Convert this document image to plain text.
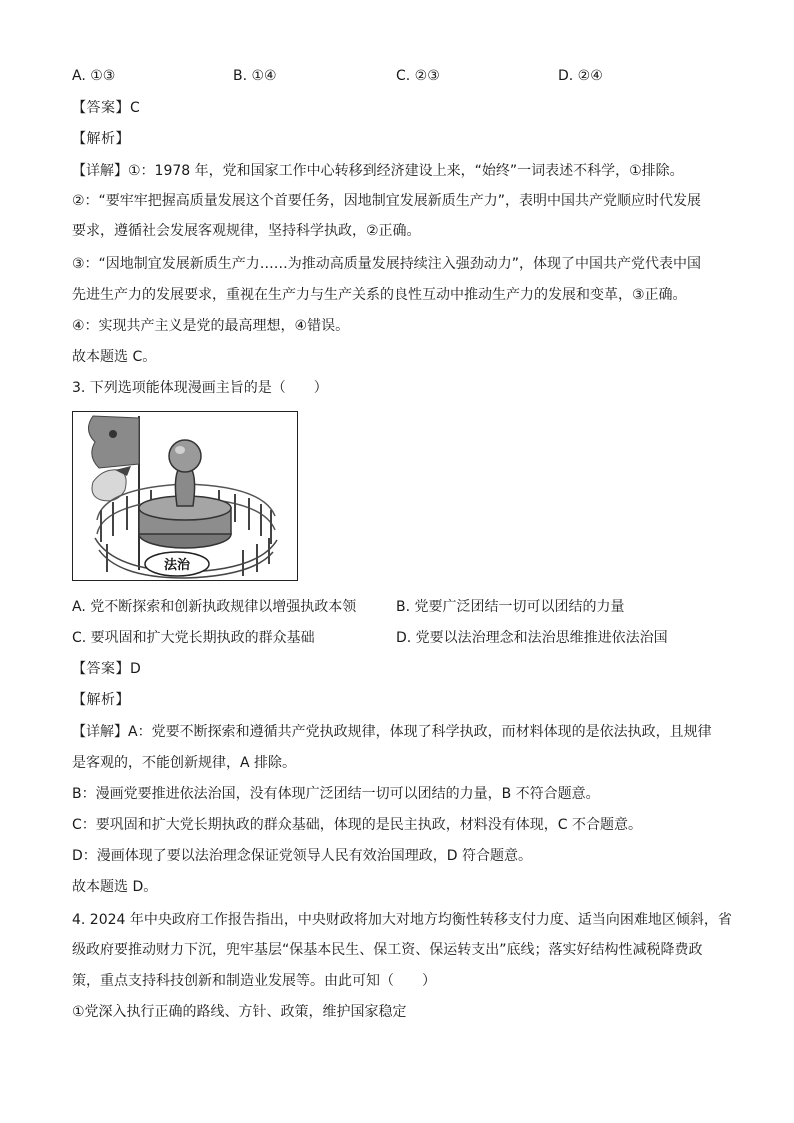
A. ①③	B. ①④	C. ②③	D. ②④
【答案】C
【解析】
【详解】①：1978 年，党和国家工作中心转移到经济建设上来，“始终”一词表述不科学，①排除。
②：“要牢牢把握高质量发展这个首要任务，因地制宜发展新质生产力”，表明中国共产党顺应时代发展
要求，遵循社会发展客观规律，坚持科学执政，②正确。
③：“因地制宜发展新质生产力……为推动高质量发展持续注入强劲动力”，体现了中国共产党代表中国
先进生产力的发展要求，重视在生产力与生产关系的良性互动中推动生产力的发展和变革，③正确。
④：实现共产主义是党的最高理想，④错误。
故本题选 C。
3. 下列选项能体现漫画主旨的是（　　）
法治
A. 党不断探索和创新执政规律以增强执政本领	B. 党要广泛团结一切可以团结的力量
C. 要巩固和扩大党长期执政的群众基础	D. 党要以法治理念和法治思维推进依法治国
【答案】D
【解析】
【详解】A：党要不断探索和遵循共产党执政规律，体现了科学执政，而材料体现的是依法执政，且规律
是客观的，不能创新规律，A 排除。
B：漫画党要推进依法治国，没有体现广泛团结一切可以团结的力量，B 不符合题意。
C：要巩固和扩大党长期执政的群众基础，体现的是民主执政，材料没有体现，C 不合题意。
D：漫画体现了要以法治理念保证党领导人民有效治国理政，D 符合题意。
故本题选 D。
4. 2024 年中央政府工作报告指出，中央财政将加大对地方均衡性转移支付力度、适当向困难地区倾斜，省
级政府要推动财力下沉，兜牢基层“保基本民生、保工资、保运转支出”底线；落实好结构性减税降费政
策，重点支持科技创新和制造业发展等。由此可知（　　）
①党深入执行正确的路线、方针、政策，维护国家稳定
